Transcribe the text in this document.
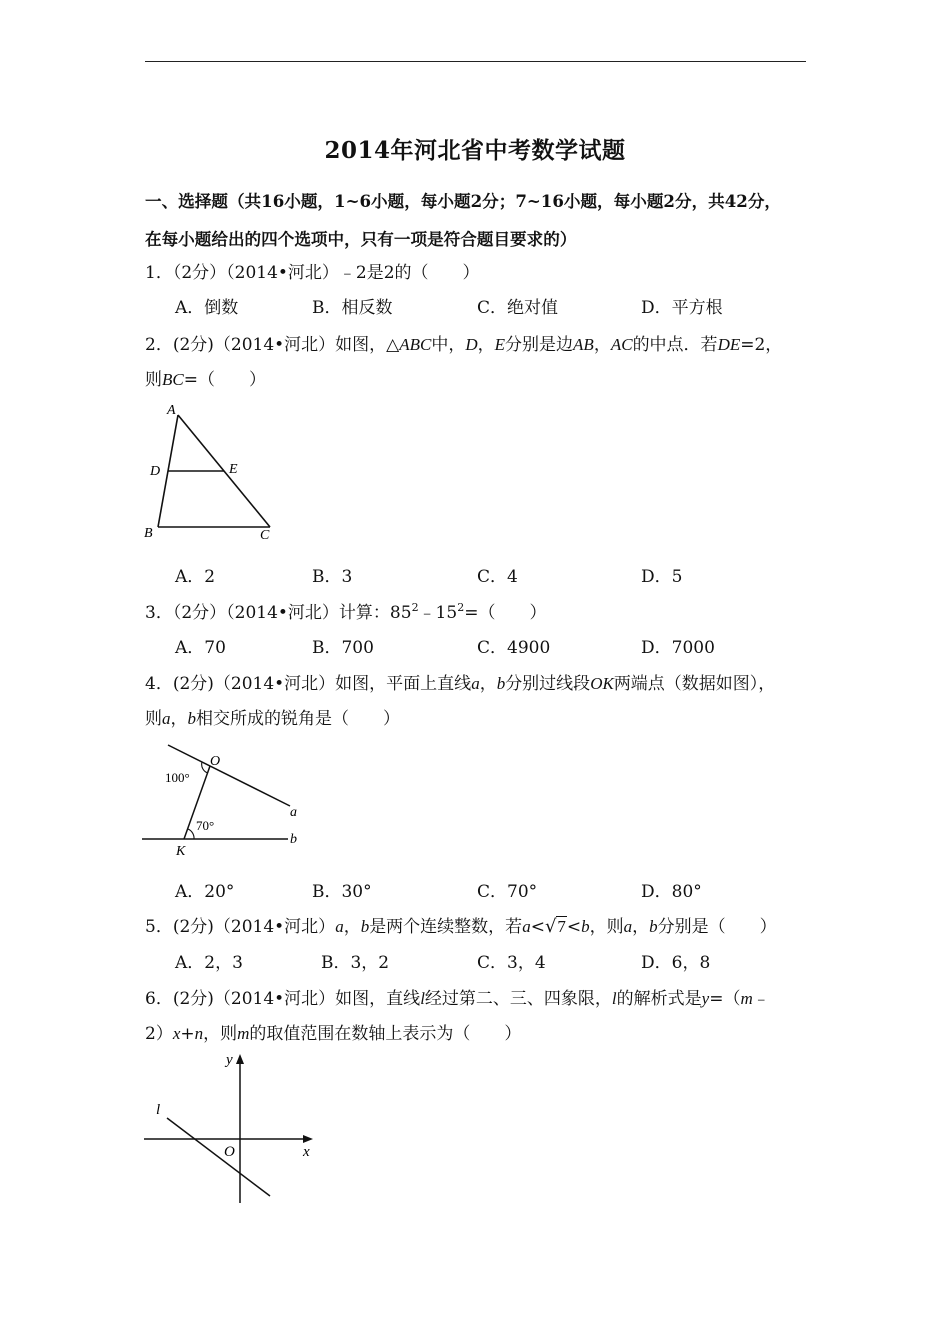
2014年河北省中考数学试题
一、选择题（共16小题，1~6小题，每小题2分；7~16小题，每小题2分，共42分，
在每小题给出的四个选项中，只有一项是符合题目要求的）
1．（2分）（2014•河北）﹣2是2的（　　）
A．倒数	B．相反数	C．绝对值	D．平方根
2．(2分)（2014•河北）如图，△ABC中，D，E分别是边AB，AC的中点．若DE=2，
则BC=（　　）
A
D	E
B	C
A．2	B．3	C．4	D．5
3．（2分）（2014•河北）计算：$85^2﹣15^2=$（　　）
A．70	B．700	C．4900	D．7000
4．(2分)（2014•河北）如图，平面上直线a，b分别过线段OK两端点（数据如图），
则a，b相交所成的锐角是（　　）
O
100°
70°
a
b
K
A．20°	B．30°	C．70°	D．80°
5．(2分)（2014•河北）a，b是两个连续整数，若a<√7<b，则a，b分别是（　　）
A．2，3	B．3，2	C．3，4	D．6，8
6．(2分)（2014•河北）如图，直线l经过第二、三、四象限，l的解析式是y=（m﹣
2）x+n，则m的取值范围在数轴上表示为（　　）
y
x
O
l
